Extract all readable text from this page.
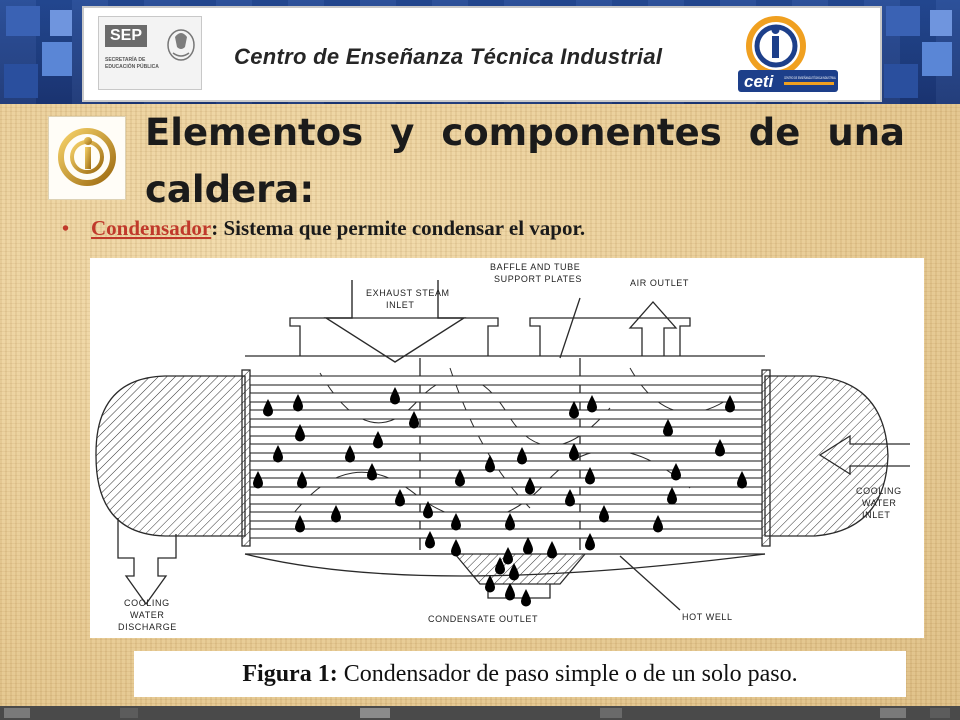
SEP
SECRETARÍA DE EDUCACIÓN PÚBLICA	Centro de Enseñanza Técnica Industrial
ceti	CENTRO DE ENSEÑANZA TÉCNICA INDUSTRIAL
Elementos y componentes de una caldera:
• Condensador: Sistema que permite condensar el vapor.
EXHAUST STEAM
INLET
BAFFLE AND TUBE
SUPPORT PLATES	AIR OUTLET
COOLING
WATER
INLET
COOLING
WATER
DISCHARGE
CONDENSATE OUTLET	HOT WELL
Figura 1: Condensador de paso simple o de un solo paso.
